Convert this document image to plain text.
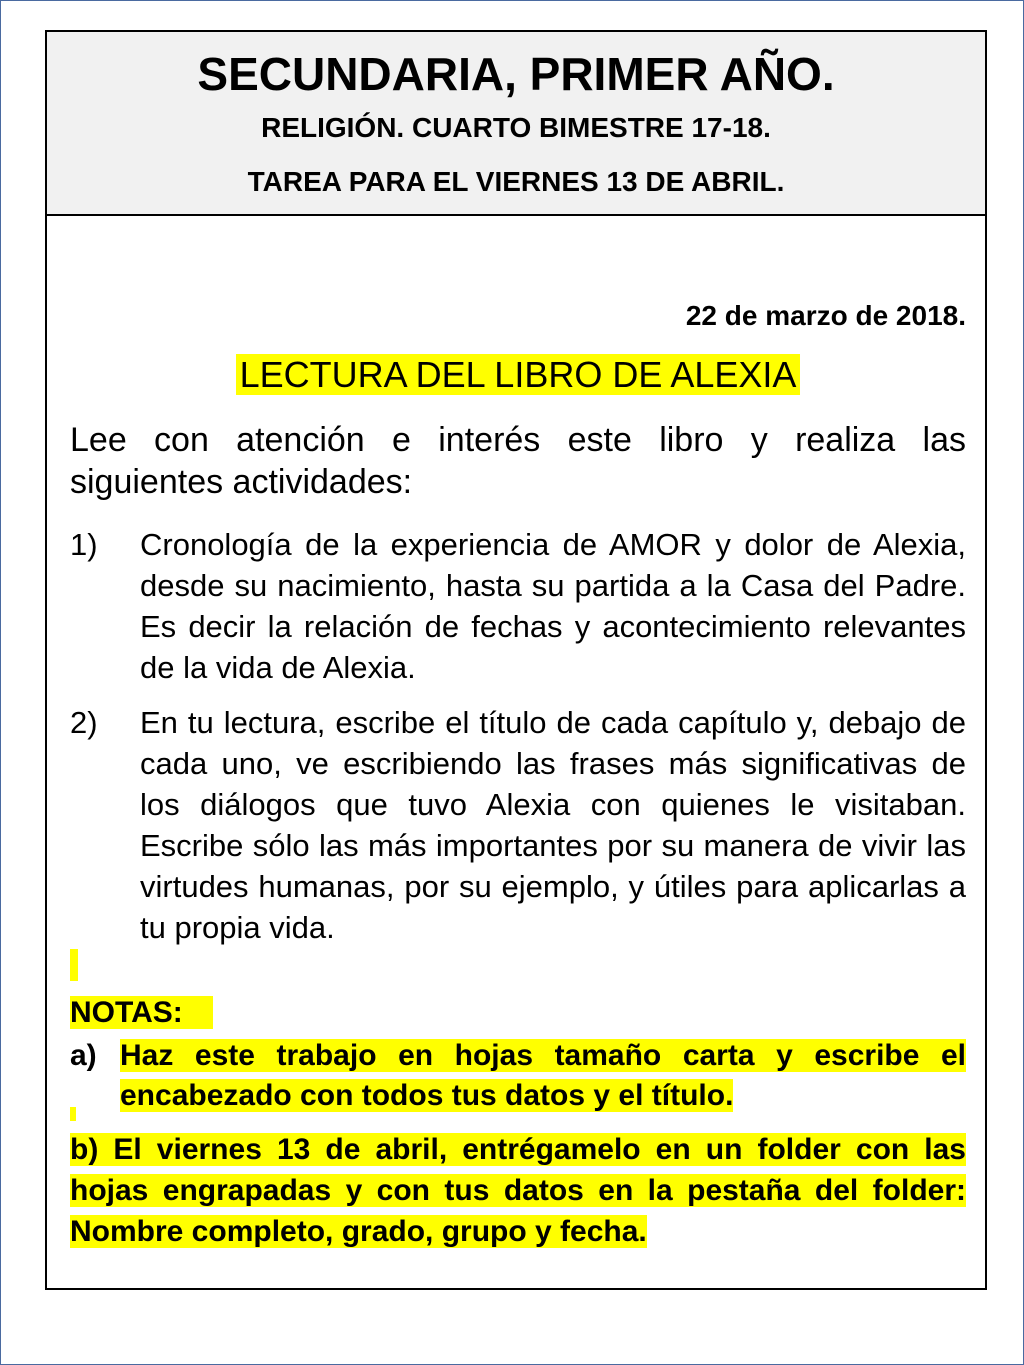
SECUNDARIA, PRIMER AÑO.
RELIGIÓN. CUARTO BIMESTRE 17-18.
TAREA PARA EL VIERNES 13 DE ABRIL.
22 de marzo de 2018.
LECTURA DEL LIBRO DE ALEXIA
Lee con atención e interés este libro y realiza las siguientes actividades:
1) Cronología de la experiencia de AMOR y dolor de Alexia, desde su nacimiento, hasta su partida a la Casa del Padre. Es decir la relación de fechas y acontecimiento relevantes de la vida de Alexia.
2) En tu lectura, escribe el título de cada capítulo y, debajo de cada uno, ve escribiendo las frases más significativas de los diálogos que tuvo Alexia con quienes le visitaban. Escribe sólo las más importantes por su manera de vivir las virtudes humanas, por su ejemplo, y útiles para aplicarlas a tu propia vida.
NOTAS:
a) Haz este trabajo en hojas tamaño carta y escribe el encabezado con todos tus datos y el título.
b) El viernes 13 de abril, entrégamelo en un folder con las hojas engrapadas y con tus datos en la pestaña del folder: Nombre completo, grado, grupo y fecha.
